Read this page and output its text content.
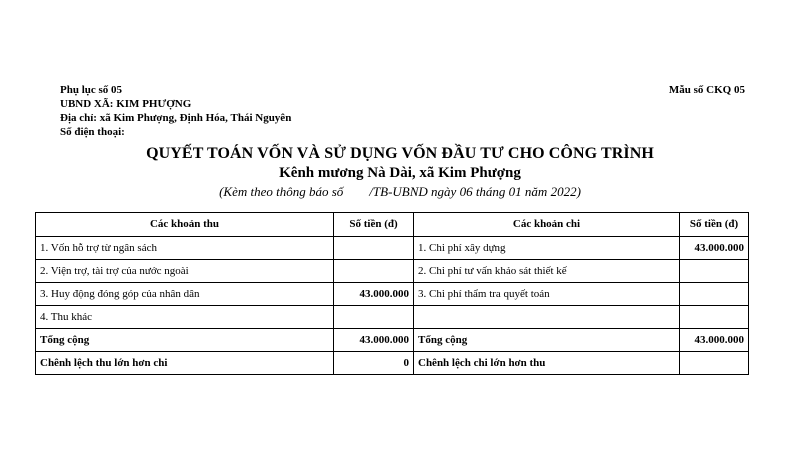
Phụ lục số 05
UBND XÃ: KIM PHƯỢNG
Địa chỉ: xã Kim Phượng, Định Hóa, Thái Nguyên
Số điện thoại:
Mẫu số CKQ 05
QUYẾT TOÁN VỐN VÀ SỬ DỤNG VỐN ĐẦU TƯ CHO CÔNG TRÌNH
Kênh mương Nà Dài, xã Kim Phượng
(Kèm theo thông báo số /TB-UBND ngày 06 tháng 01 năm 2022)
Các khoản thu	Số tiền (đ)	Các khoản chi	Số tiền (đ)
1. Vốn hỗ trợ từ ngân sách		1. Chi phí xây dựng	43.000.000
2. Viện trợ, tài trợ của nước ngoài		2. Chi phí tư vấn khảo sát thiết kế	
3. Huy động đóng góp của nhân dân	43.000.000	3. Chi phí thẩm tra quyết toán	
4. Thu khác			
Tổng cộng	43.000.000	Tổng cộng	43.000.000
Chênh lệch thu lớn hơn chi	0	Chênh lệch chi lớn hơn thu	
